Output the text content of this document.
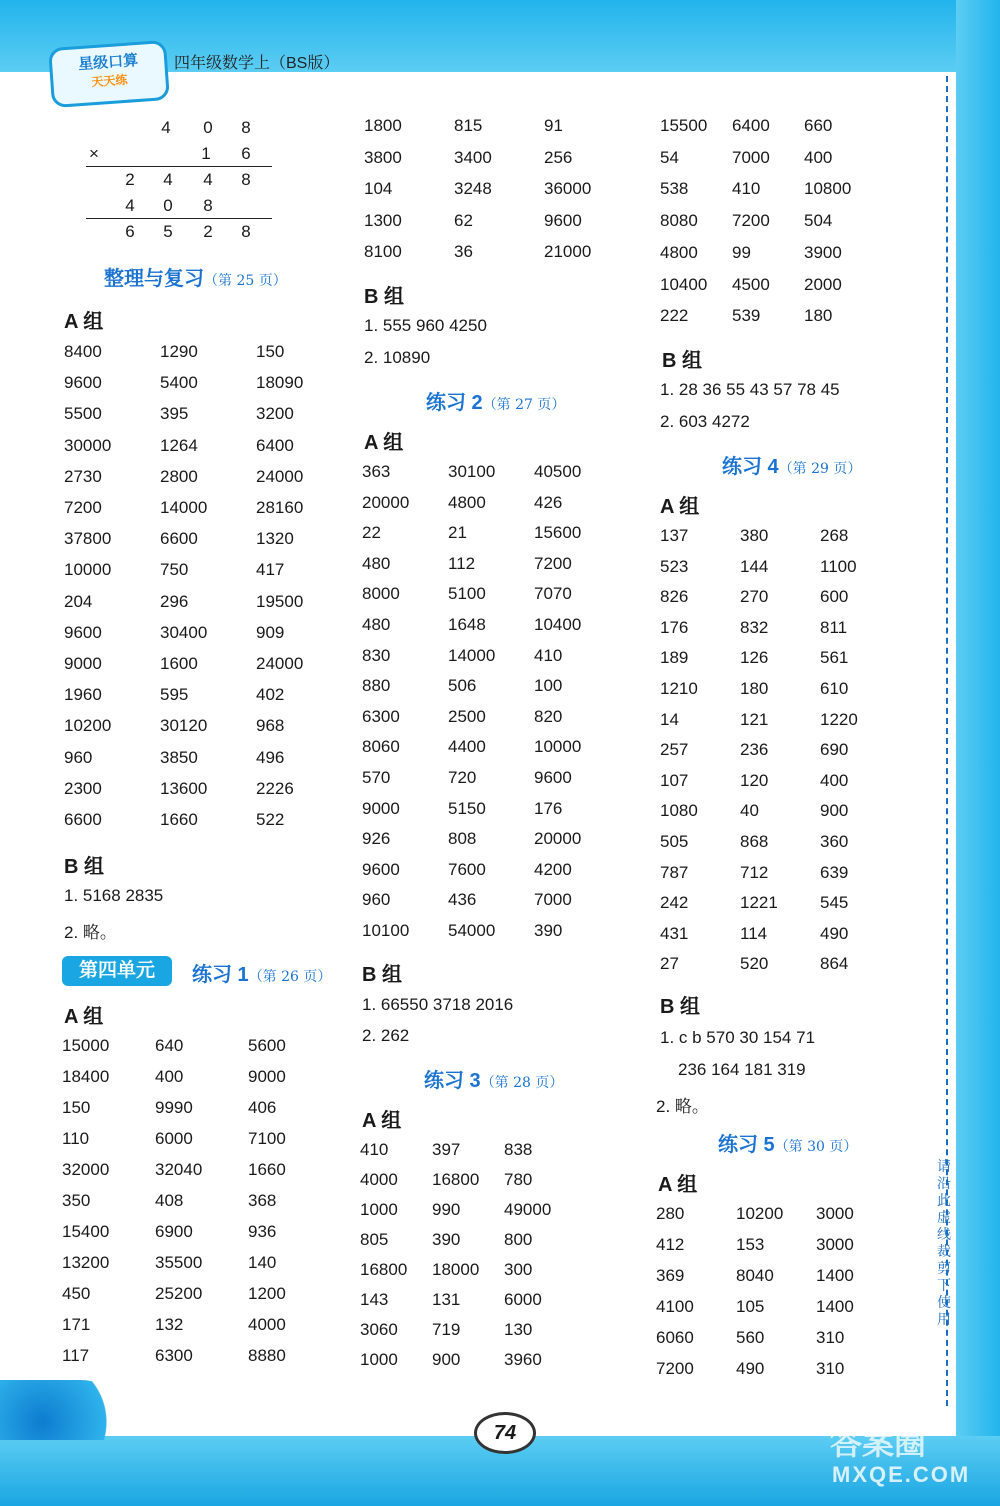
星级口算
天天练
四年级数学上（BS版）
请沿此虚线裁剪下使用
74	答案圈
MXQE.COM
4	0	8
×	1	6
2	4	4	8
4	0	8
6	5	2	8
整理与复习（第 25 页）
A 组
8400	1290	150
9600	5400	18090
5500	395	3200
30000	1264	6400
2730	2800	24000
7200	14000	28160
37800	6600	1320
10000	750	417
204	296	19500
9600	30400	909
9000	1600	24000
1960	595	402
10200	30120	968
960	3850	496
2300	13600	2226
6600	1660	522
B 组
1. 5168 2835
2. 略。
第四单元	练习 1（第 26 页）
A 组
15000	640	5600
18400	400	9000
150	9990	406
110	6000	7100
32000	32040	1660
350	408	368
15400	6900	936
13200	35500	140
450	25200	1200
171	132	4000
117	6300	8880
1800	815	91
3800	3400	256
104	3248	36000
1300	62	9600
8100	36	21000
B 组
1. 555 960 4250
2. 10890
练习 2（第 27 页）
A 组
363	30100 40500
20000 4800	426
22	21	15600
480	112	7200
8000	5100	7070
480	1648	10400
830	14000 410
880	506	100
6300	2500	820
8060	4400	10000
570	720	9600
9000	5150	176
926	808	20000
9600	7600	4200
960	436	7000
10100 54000 390
B 组
1. 66550 3718 2016
2. 262
练习 3（第 28 页）
A 组
410	397	838
4000 16800 780
1000 990	49000
805	390	800
16800 18000 300
143	131	6000
3060 719	130
1000 900	3960
15500 6400 660
54	7000 400
538	410	10800
8080 7200 504
4800 99	3900
10400 4500 2000
222	539	180
B 组
1. 28 36 55 43 57 78 45
2. 603 4272
练习 4（第 29 页）
A 组
137	380	268
523	144	1100
826	270	600
176	832	811
189	126	561
1210 180	610
14	121	1220
257	236	690
107	120	400
1080 40	900
505	868	360
787	712	639
242	1221 545
431	114	490
27	520	864
B 组
1. c b 570 30 154 71
236 164 181 319
2. 略。
练习 5（第 30 页）
A 组
280	10200 3000
412	153	3000
369	8040 1400
4100 105	1400
6060 560	310
7200 490	310
